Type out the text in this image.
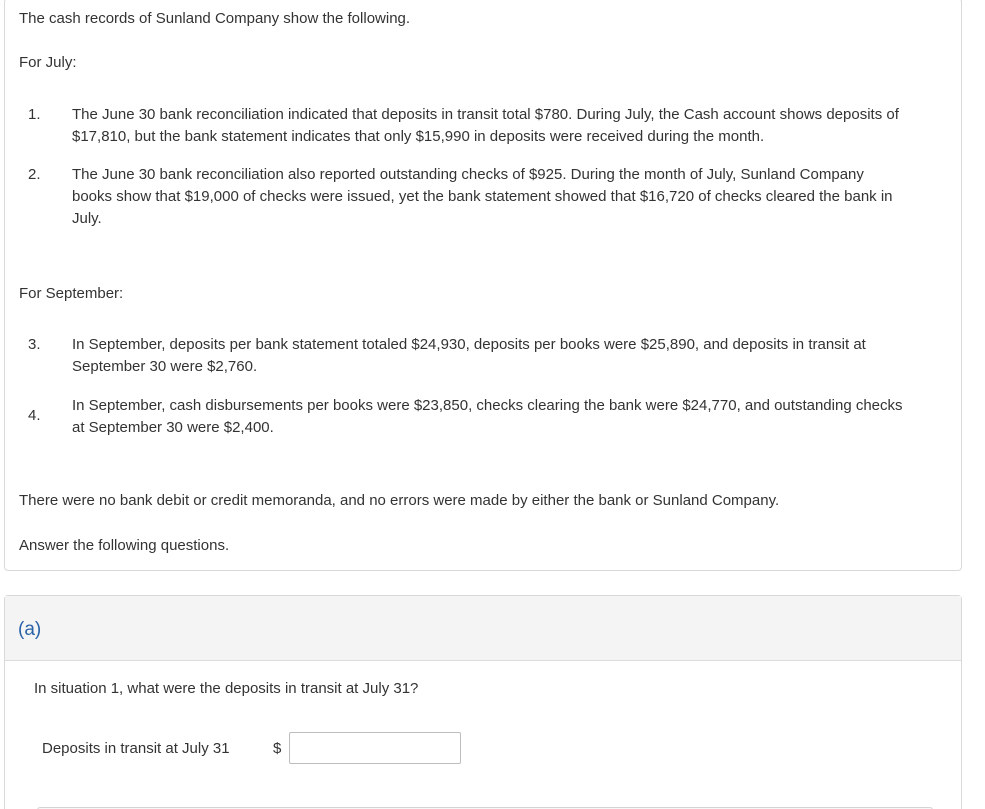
The cash records of Sunland Company show the following.
For July:
1. The June 30 bank reconciliation indicated that deposits in transit total $780. During July, the Cash account shows deposits of
$17,810, but the bank statement indicates that only $15,990 in deposits were received during the month.
2. The June 30 bank reconciliation also reported outstanding checks of $925. During the month of July, Sunland Company
books show that $19,000 of checks were issued, yet the bank statement showed that $16,720 of checks cleared the bank in
July.
For September:
3. In September, deposits per bank statement totaled $24,930, deposits per books were $25,890, and deposits in transit at
September 30 were $2,760.
4.
In September, cash disbursements per books were $23,850, checks clearing the bank were $24,770, and outstanding checks
at September 30 were $2,400.
There were no bank debit or credit memoranda, and no errors were made by either the bank or Sunland Company.
Answer the following questions.
(a)
In situation 1, what were the deposits in transit at July 31?
Deposits in transit at July 31	$
